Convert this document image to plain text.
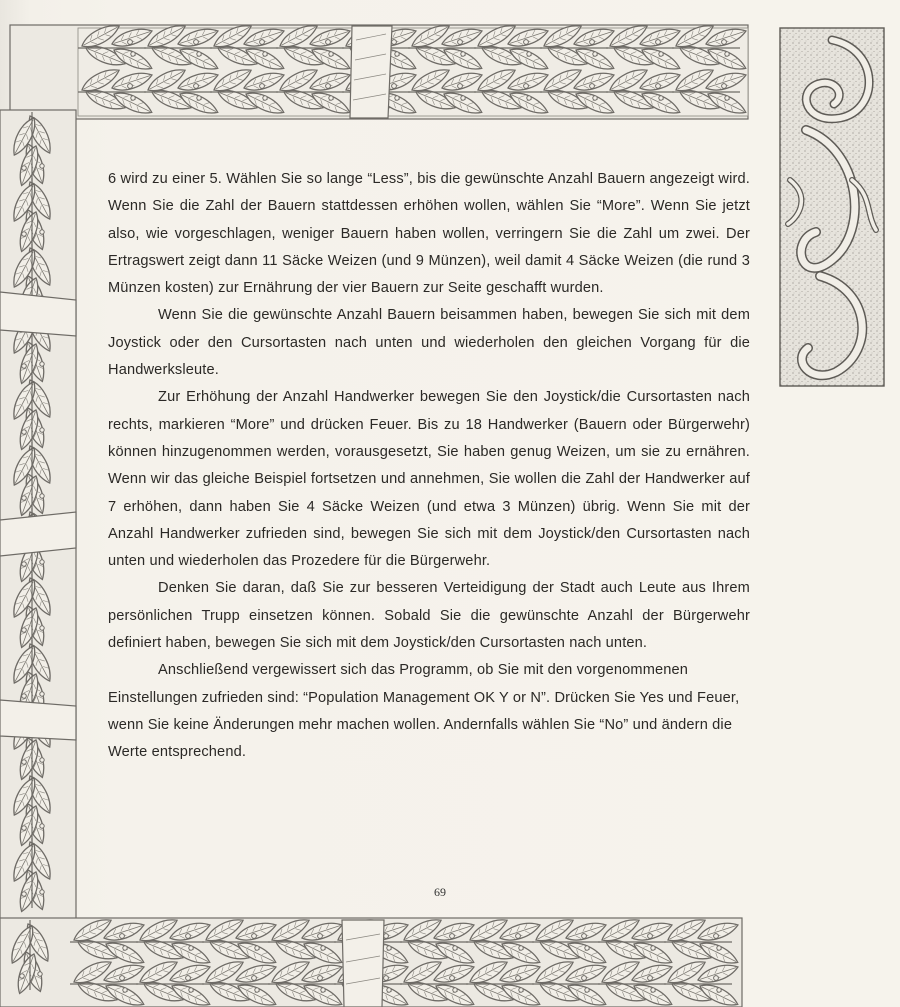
6 wird zu einer 5. Wählen Sie so lange “Less”, bis die gewünschte Anzahl Bauern angezeigt wird. Wenn Sie die Zahl der Bauern stattdessen erhöhen wollen, wählen Sie “More”. Wenn Sie jetzt also, wie vorgeschlagen, weniger Bauern haben wollen, verringern Sie die Zahl um zwei. Der Ertragswert zeigt dann 11 Säcke Weizen (und 9 Münzen), weil damit 4 Säcke Weizen (die rund 3 Münzen kosten) zur Ernährung der vier Bauern zur Seite geschafft wurden.

Wenn Sie die gewünschte Anzahl Bauern beisammen haben, bewegen Sie sich mit dem Joystick oder den Cursortasten nach unten und wiederholen den gleichen Vorgang für die Handwerksleute.

Zur Erhöhung der Anzahl Handwerker bewegen Sie den Joystick/die Cursortasten nach rechts, markieren “More” und drücken Feuer. Bis zu 18 Handwerker (Bauern oder Bürgerwehr) können hinzugenommen werden, vorausgesetzt, Sie haben genug Weizen, um sie zu ernähren. Wenn wir das gleiche Beispiel fortsetzen und annehmen, Sie wollen die Zahl der Handwerker auf 7 erhöhen, dann haben Sie 4 Säcke Weizen (und etwa 3 Münzen) übrig. Wenn Sie mit der Anzahl Handwerker zufrieden sind, bewegen Sie sich mit dem Joystick/den Cursortasten nach unten und wiederholen das Prozedere für die Bürgerwehr.

Denken Sie daran, daß Sie zur besseren Verteidigung der Stadt auch Leute aus Ihrem persönlichen Trupp einsetzen können. Sobald Sie die gewünschte Anzahl der Bürgerwehr definiert haben, bewegen Sie sich mit dem Joystick/den Cursortasten nach unten.

Anschließend vergewissert sich das Programm, ob Sie mit den vorgenommenen Einstellungen zufrieden sind: “Population Management OK Y or N”. Drücken Sie Yes und Feuer, wenn Sie keine Änderungen mehr machen wollen. Andernfalls wählen Sie “No” und ändern die Werte entsprechend.

69
